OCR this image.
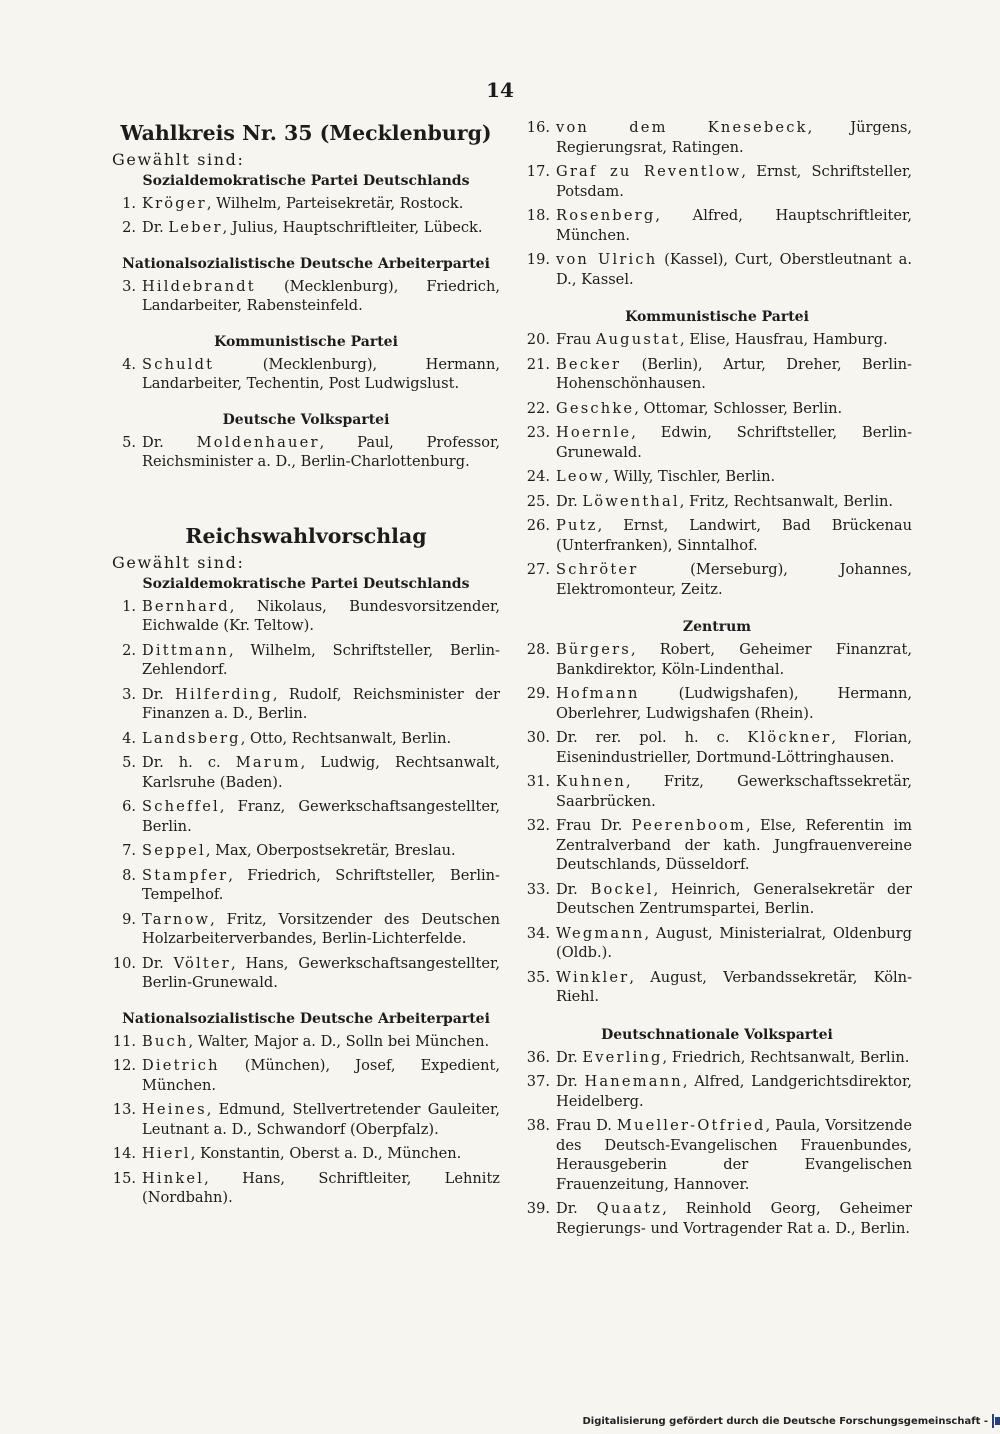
14
Wahlkreis Nr. 35 (Mecklenburg)
Gewählt sind:
Sozialdemokratische Partei Deutschlands
1. Kröger, Wilhelm, Parteisekretär, Rostock.
2. Dr. Leber, Julius, Hauptschriftleiter, Lübeck.
Nationalsozialistische Deutsche Arbeiterpartei
3. Hildebrandt (Mecklenburg), Friedrich, Landarbeiter, Rabensteinfeld.
Kommunistische Partei
4. Schuldt (Mecklenburg), Hermann, Landarbeiter, Techentin, Post Ludwigslust.
Deutsche Volkspartei
5. Dr. Moldenhauer, Paul, Professor, Reichsminister a. D., Berlin-Charlottenburg.
Reichswahlvorschlag
Gewählt sind:
Sozialdemokratische Partei Deutschlands
1. Bernhard, Nikolaus, Bundesvorsitzender, Eichwalde (Kr. Teltow).
2. Dittmann, Wilhelm, Schriftsteller, Berlin-Zehlendorf.
3. Dr. Hilferding, Rudolf, Reichsminister der Finanzen a. D., Berlin.
4. Landsberg, Otto, Rechtsanwalt, Berlin.
5. Dr. h. c. Marum, Ludwig, Rechtsanwalt, Karlsruhe (Baden).
6. Scheffel, Franz, Gewerkschaftsangestellter, Berlin.
7. Seppel, Max, Oberpostsekretär, Breslau.
8. Stampfer, Friedrich, Schriftsteller, Berlin-Tempelhof.
9. Tarnow, Fritz, Vorsitzender des Deutschen Holzarbeiterverbandes, Berlin-Lichterfelde.
10. Dr. Völter, Hans, Gewerkschaftsangestellter, Berlin-Grunewald.
Nationalsozialistische Deutsche Arbeiterpartei
11. Buch, Walter, Major a. D., Solln bei München.
12. Dietrich (München), Josef, Expedient, München.
13. Heines, Edmund, Stellvertretender Gauleiter, Leutnant a. D., Schwandorf (Oberpfalz).
14. Hierl, Konstantin, Oberst a. D., München.
15. Hinkel, Hans, Schriftleiter, Lehnitz (Nordbahn).
16. von dem Knesebeck, Jürgens, Regierungsrat, Ratingen.
17. Graf zu Reventlow, Ernst, Schriftsteller, Potsdam.
18. Rosenberg, Alfred, Hauptschriftleiter, München.
19. von Ulrich (Kassel), Curt, Oberstleutnant a. D., Kassel.
Kommunistische Partei
20. Frau Augustat, Elise, Hausfrau, Hamburg.
21. Becker (Berlin), Artur, Dreher, Berlin-Hohenschönhausen.
22. Geschke, Ottomar, Schlosser, Berlin.
23. Hoernle, Edwin, Schriftsteller, Berlin-Grunewald.
24. Leow, Willy, Tischler, Berlin.
25. Dr. Löwenthal, Fritz, Rechtsanwalt, Berlin.
26. Putz, Ernst, Landwirt, Bad Brückenau (Unterfranken), Sinntalhof.
27. Schröter (Merseburg), Johannes, Elektromonteur, Zeitz.
Zentrum
28. Bürgers, Robert, Geheimer Finanzrat, Bankdirektor, Köln-Lindenthal.
29. Hofmann (Ludwigshafen), Hermann, Oberlehrer, Ludwigshafen (Rhein).
30. Dr. rer. pol. h. c. Klöckner, Florian, Eisenindustrieller, Dortmund-Löttringhausen.
31. Kuhnen, Fritz, Gewerkschaftssekretär, Saarbrücken.
32. Frau Dr. Peerenboom, Else, Referentin im Zentralverband der kath. Jungfrauenvereine Deutschlands, Düsseldorf.
33. Dr. Bockel, Heinrich, Generalsekretär der Deutschen Zentrumspartei, Berlin.
34. Wegmann, August, Ministerialrat, Oldenburg (Oldb.).
35. Winkler, August, Verbandssekretär, Köln-Riehl.
Deutschnationale Volkspartei
36. Dr. Everling, Friedrich, Rechtsanwalt, Berlin.
37. Dr. Hanemann, Alfred, Landgerichtsdirektor, Heidelberg.
38. Frau D. Mueller-Otfried, Paula, Vorsitzende des Deutsch-Evangelischen Frauenbundes, Herausgeberin der Evangelischen Frauenzeitung, Hannover.
39. Dr. Quaatz, Reinhold Georg, Geheimer Regierungs- und Vortragender Rat a. D., Berlin.
Digitalisierung gefördert durch die Deutsche Forschungsgemeinschaft -
